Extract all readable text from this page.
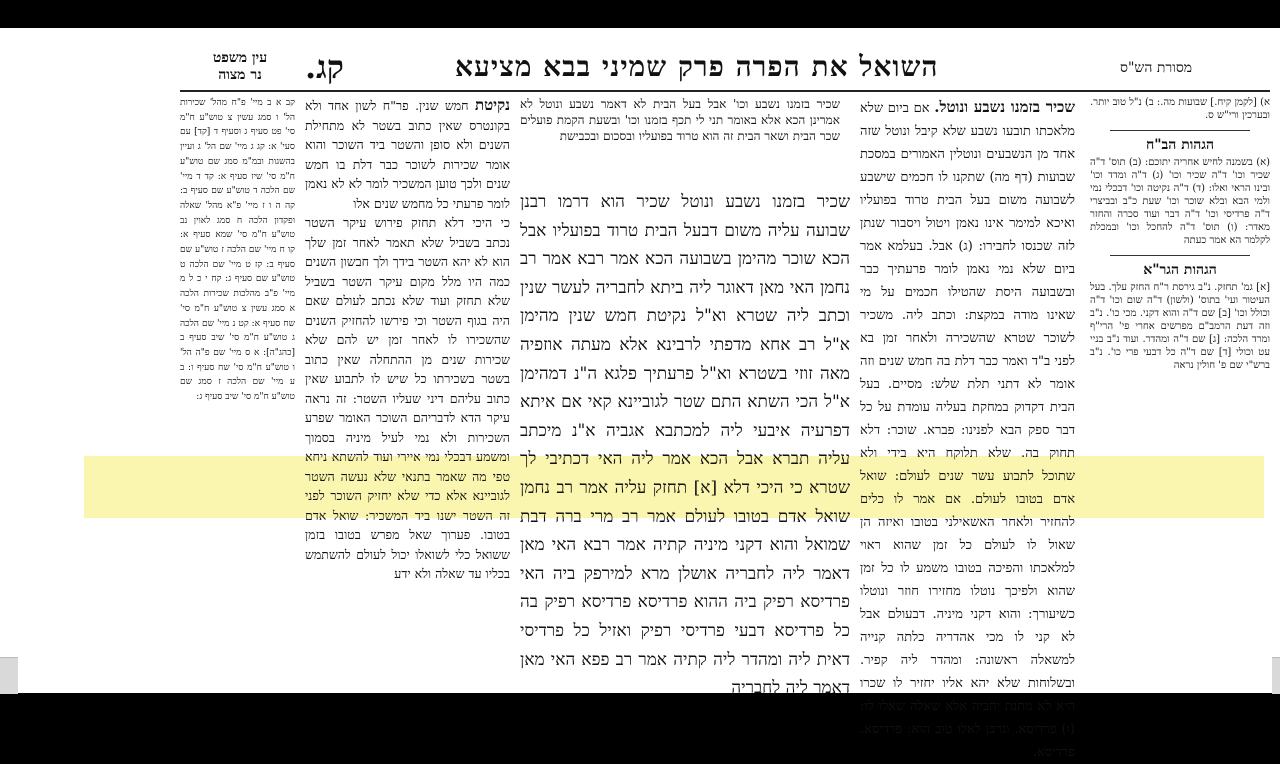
מסורת הש"ס
השואל את הפרה פרק שמיני בבא מציעא
קג.
עין משפט
נר מצוה
א) [לקמן קיח.] שבועות מה.: ב) נ"ל טוב יותר. ובערכין ורי"ש ס.
הגהות הב"ח
(א) בשמנה לחיש אחריה יתוכם: (ב) תוס' ד"ה שכיר וכו' ד"ה שכיר וכו' (ג) ד"ה ומדד וכו' ובינו הראי ואלו: (ד) ד"ה נקיטה וכו' דבכלי נמי ולמי הבא ובלא שוכר וכו' שעת כ"ב ובביצרי ד"ה פרדיסי וכו' ד"ה דבר ועוד סכרה והחזר מאדר: (ו) תוס' ד"ה להחכל וכו' ובמכלת לקלמר הא אמר כעתה
הגהות הגר"א
[א] גמ' תחזק. נ"ב גירסת ר"ח החזק עלך. בעל העיטור ועי' בתוס' (ולשון) ד"ה שום וכו' ד"ה וכולל וכו' [ב] שם ד"ה והוא דקני. מכי כו'. נ"ב וזה דעת הרמב"ם מפרשים אחרי פי' הרי"ף ומרד הלכה: [ג] שם ד"ה ומהדר. ועוד נ"ב בניי עט וכולי [ד] שם ד"ה כל דבעי פרי כו'. נ"ב ברש"י שם פ' חולין נראה
שכיר בזמנו נשבע ונוטל. אם ביום שלא מלאכתו תובעו נשבע שלא קיבל ונוטל שזה אחד מן הנשבעים ונוטלין האמורים במסכת שבועות (דף מה) שתקנו לו חכמים שישבע לשבועה משום בעל הבית טרוד בפועליו ואיכא למימר אינו נאמן ויטול ויסבור שנתן לזה שכנסו לחבירו: (ג) אבל. בעלמא אמר ביום שלא נמי נאמן לומר פרעתיך כבר ובשבועה היסת שהטילו חכמים על מי שאינו מודה במקצת: וכתב ליה. משכיר לשוכר שטרא שהשכירה ולאחר זמן בא לפני ב"ד ואמר כבר דלת בה חמש שנים וזה אומר לא דתני תלת שלש: מסיים. בעל הבית דקדוק במחקת בעליה עומדת על כל דבר ספק הבא לפנינו: פברא. שוכר: דלא תחוק בה. שלא תלוקח היא בידי ולא שתוכל לתבוע עשר שנים לעולם: שואל אדם בטובו לעולם. אם אמר לו כלים להחזיר ולאחר האשאילני בטובו ואיזה הן שאול לו לעולם כל זמן שהוא ראוי למלאכתו והפיכה בטובו משמע לו כל זמן שהוא ולפיכך נוטלו מחזירו חוזר ונוטלו כשיעורך: והוא דקני מיניה. דבעולם אבל לא קני לו מכי אהדריה כלתה קנייה למשאלה ראשונה: ומהדר ליה קפיר. ובשלוחות שלא יהא אליו יחזיר לו שכרו היא לא מתנת יהביה אלא שאלה שאלו לו: (ו) פרדיסא. וגרבן לאלו טוב הוא: פרדיסא. פרדיסא.
שכיר בזמנו נשבע וכו' אבל בעל הבית לא דאמר נשבע ונוטל לא אמרינן הכא אלא באומר תני לי תכף בזמנו וכו' ובשעת הקמת פועלים שכר הבית ושאר הבית זה הוא טרוד בפועליו ובסכום ובכבישת
שכיר בזמנו נשבע ונוטל שכיר הוא דרמו רבנן שבועה עליה משום דבעל הבית טרוד בפועליו אבל הכא שוכר מהימן בשבועה הכא אמר רבא אמר רב נחמן האי מאן דאוגר ליה ביתא לחבריה לעשר שנין וכתב ליה שטרא וא"ל נקיטת חמש שנין מהימן א"ל רב אחא מדפתי לרבינא אלא מעתה אוזפיה מאה זוזי בשטרא וא"ל פרעתיך פלגא ה"נ דמהימן א"ל הכי השתא התם שטר לגוביינא קאי אם איתא דפרעיה איבעי ליה למכתבא אגביה א"נ מיכתב עליה תברא אבל הכא אמר ליה האי דכתיבי לך שטרא כי היכי דלא [א] תחזק עליה אמר רב נחמן שואל אדם בטובו לעולם אמר רב מרי ברה דבת שמואל והוא דקני מיניה קתיה אמר רבא האי מאן דאמר ליה לחבריה אושלן מרא למירפק ביה האי פרדיסא רפיק ביה ההוא פרדיסא פרדיסא רפיק בה כל פרדיסא דבעי פרדיסי רפיק ואזיל כל פרדיסי דאית ליה ומהדר ליה קתיה אמר רב פפא האי מאן דאמר ליה לחבריה
נקיטת חמש שנין. פר"ח לשון אחד ולא בקונטרס שאין כתוב בשטר לא מתחילת השנים ולא סופן והשטר ביד השוכר והוא אומר שכירות לשוכר כבר דלת בו חמש שנים ולכך טוען המשכיר לומר לא לא נאמן לומר פרעתי כל מחמש שנים אלו
כי היכי דלא תחזק פירוש עיקר השטר נכתב בשביל שלא תאמר לאחר זמן שלך הוא לא יהא השטר בידך ולך חבשון השנים כמה היו מלל מקום עיקר השטר בשביל שלא תחזק ועוד שלא נכתב לעולם שאם היה בגוף השטר וכי פירשו להחזיק השנים שהשכירו לו לאחר זמן יש להם שלא שכירות שנים מן ההתחלה שאין כתוב בשטר בשכירתו כל שיש לו לתבוע שאין כתוב עליהם דיני שעליו השטר: זה נראה עיקר הדא לדבריהם השוכר האומר שפרע השכירות ולא נמי לעיל מיניה בסמוך ומשמע דבכלי נמי איירי ועוד להשתא ניחא טפי מה שאמר בתנאי שלא נעשה השטר לגוביינא אלא כדי שלא יחזיק השוכר לפני זה השטר ישנו ביד המשכיר: שואל אדם בטובו. פערוך שאל מפרש בטובו בזמן ששואל כלי לשואלו יכול לעולם להשתמש בכליו עד שאלה ולא ידע
קב א ב מיי' פ"ח מהל' שכירות הל' ו סמג עשין צ טוש"ע ח"מ סי' פט סעיף ג וסעיף ד [קד] עם סעי' א: קג ג מיי' שם הל' ג ועיין בהשגות ובמ"מ סמג שם טוש"ע ח"מ סי' שיז סעיף א: קד ד מיי' שם הלכה ד טוש"ע שם סעיף ב: קה ה ו ז מיי' פ"א מהל' שאלה ופקדון הלכה ח סמג לאוין נב טוש"ע ח"מ סי' שמא סעיף א: קו ח מיי' שם הלכה ז טוש"ע שם סעיף ב: קז ט מיי' שם הלכה ט טוש"ע שם סעיף ג: קח י כ ל מ מיי' פ"ב מהלכות שכירות הלכה א סמג עשין צ טוש"ע ח"מ סי' שח סעיף א: קט נ מיי' שם הלכה ג טוש"ע ח"מ סי' שיב סעיף ב [כהג"ה]: א ס מיי' שם פ"ה הל' ו טוש"ע ח"מ סי' שח סעיף ו: ב ע מיי' שם הלכה ז סמג שם טוש"ע ח"מ סי' שיב סעיף ג:
